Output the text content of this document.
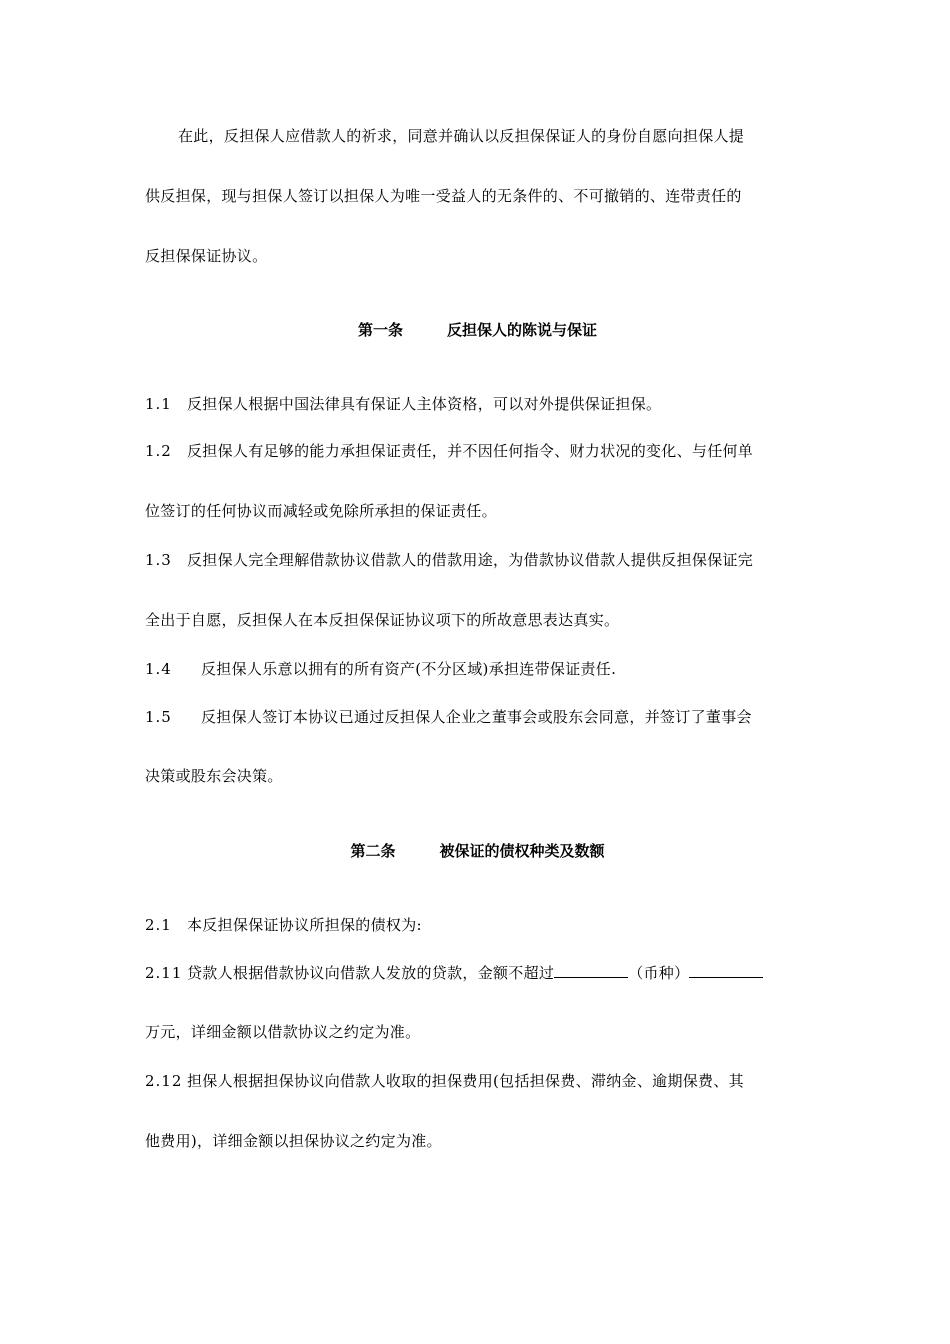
在此，反担保人应借款人的祈求，同意并确认以反担保保证人的身份自愿向担保人提
供反担保，现与担保人签订以担保人为唯一受益人的无条件的、不可撤销的、连带责任的
反担保保证协议。
第一条	反担保人的陈说与保证
1.1 反担保人根据中国法律具有保证人主体资格，可以对外提供保证担保。
1.2 反担保人有足够的能力承担保证责任，并不因任何指令、财力状况的变化、与任何单
位签订的任何协议而减轻或免除所承担的保证责任。
1.3 反担保人完全理解借款协议借款人的借款用途，为借款协议借款人提供反担保保证完
全出于自愿，反担保人在本反担保保证协议项下的所故意思表达真实。
1.4 反担保人乐意以拥有的所有资产(不分区域)承担连带保证责任.
1.5 反担保人签订本协议已通过反担保人企业之董事会或股东会同意，并签订了董事会
决策或股东会决策。
第二条	被保证的债权种类及数额
2.1 本反担保保证协议所担保的债权为:
2.11 贷款人根据借款协议向借款人发放的贷款，金额不超过	（币种）
万元，详细金额以借款协议之约定为准。
2.12 担保人根据担保协议向借款人收取的担保费用(包括担保费、滞纳金、逾期保费、其
他费用)，详细金额以担保协议之约定为准。
